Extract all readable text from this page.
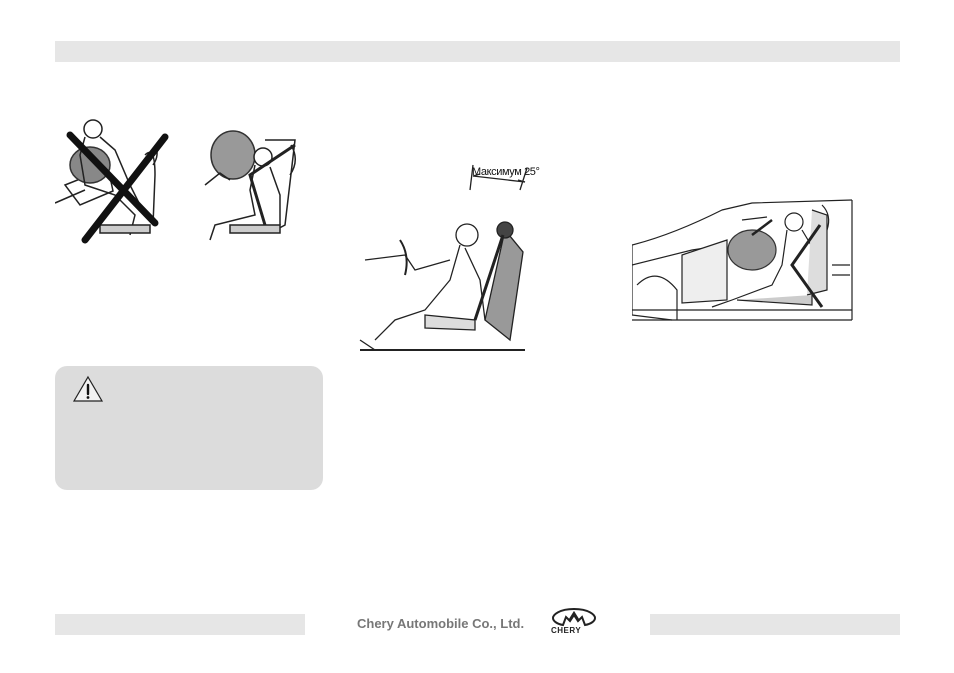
Максимум 25°
Chery Automobile Co., Ltd.	CHERY
